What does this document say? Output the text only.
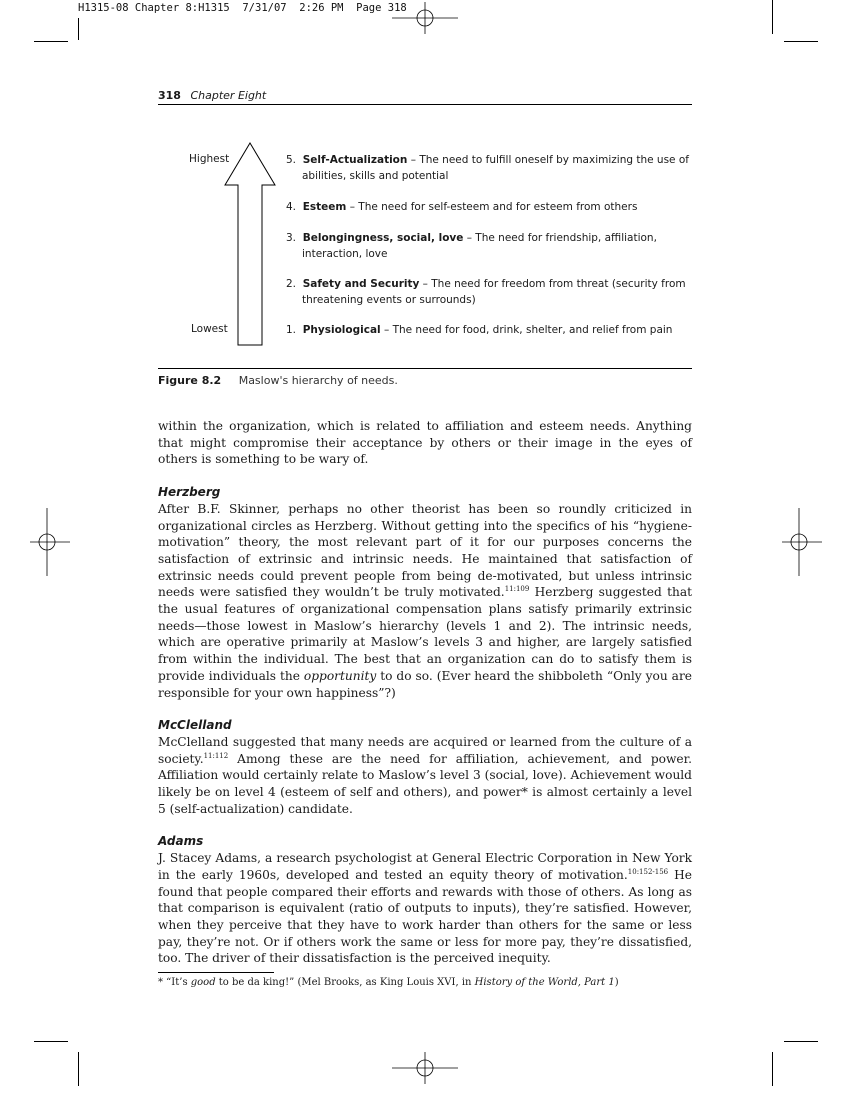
H1315-08 Chapter 8:H1315  7/31/07  2:26 PM  Page 318
318 Chapter Eight
Highest
Lowest
5. Self-Actualization – The need to fulfill oneself by maximizing the use of abilities, skills and potential
4. Esteem – The need for self-esteem and for esteem from others
3. Belongingness, social, love – The need for friendship, affiliation, interaction, love
2. Safety and Security – The need for freedom from threat (security from threatening events or surrounds)
1. Physiological – The need for food, drink, shelter, and relief from pain
Figure 8.2 Maslow's hierarchy of needs.

within the organization, which is related to affiliation and esteem needs. Anything that might compromise their acceptance by others or their image in the eyes of others is something to be wary of.

Herzberg

After B.F. Skinner, perhaps no other theorist has been so roundly criticized in organizational circles as Herzberg. Without getting into the specifics of his “hygiene-motivation” theory, the most relevant part of it for our purposes concerns the satisfaction of extrinsic and intrinsic needs. He maintained that satisfaction of extrinsic needs could prevent people from being de-motivated, but unless intrinsic needs were satisfied they wouldn’t be truly motivated.$^{11:109}$ Herzberg suggested that the usual features of organizational compensation plans satisfy primarily extrinsic needs—those lowest in Maslow’s hierarchy (levels 1 and 2). The intrinsic needs, which are operative primarily at Maslow’s levels 3 and higher, are largely satisfied from within the individual. The best that an organization can do to satisfy them is provide individuals the opportunity to do so. (Ever heard the shibboleth “Only you are responsible for your own happiness”?)

McClelland

McClelland suggested that many needs are acquired or learned from the culture of a society.$^{11:112}$ Among these are the need for affiliation, achievement, and power. Affiliation would certainly relate to Maslow’s level 3 (social, love). Achievement would likely be on level 4 (esteem of self and others), and power* is almost certainly a level 5 (self-actualization) candidate.

Adams

J. Stacey Adams, a research psychologist at General Electric Corporation in New York in the early 1960s, developed and tested an equity theory of motivation.$^{10:152-156}$ He found that people compared their efforts and rewards with those of others. As long as that comparison is equivalent (ratio of outputs to inputs), they’re satisfied. However, when they perceive that they have to work harder than others for the same or less pay, they’re not. Or if others work the same or less for more pay, they’re dissatisfied, too. The driver of their dissatisfaction is the perceived inequity.

* “It’s good to be da king!” (Mel Brooks, as King Louis XVI, in History of the World, Part 1)
